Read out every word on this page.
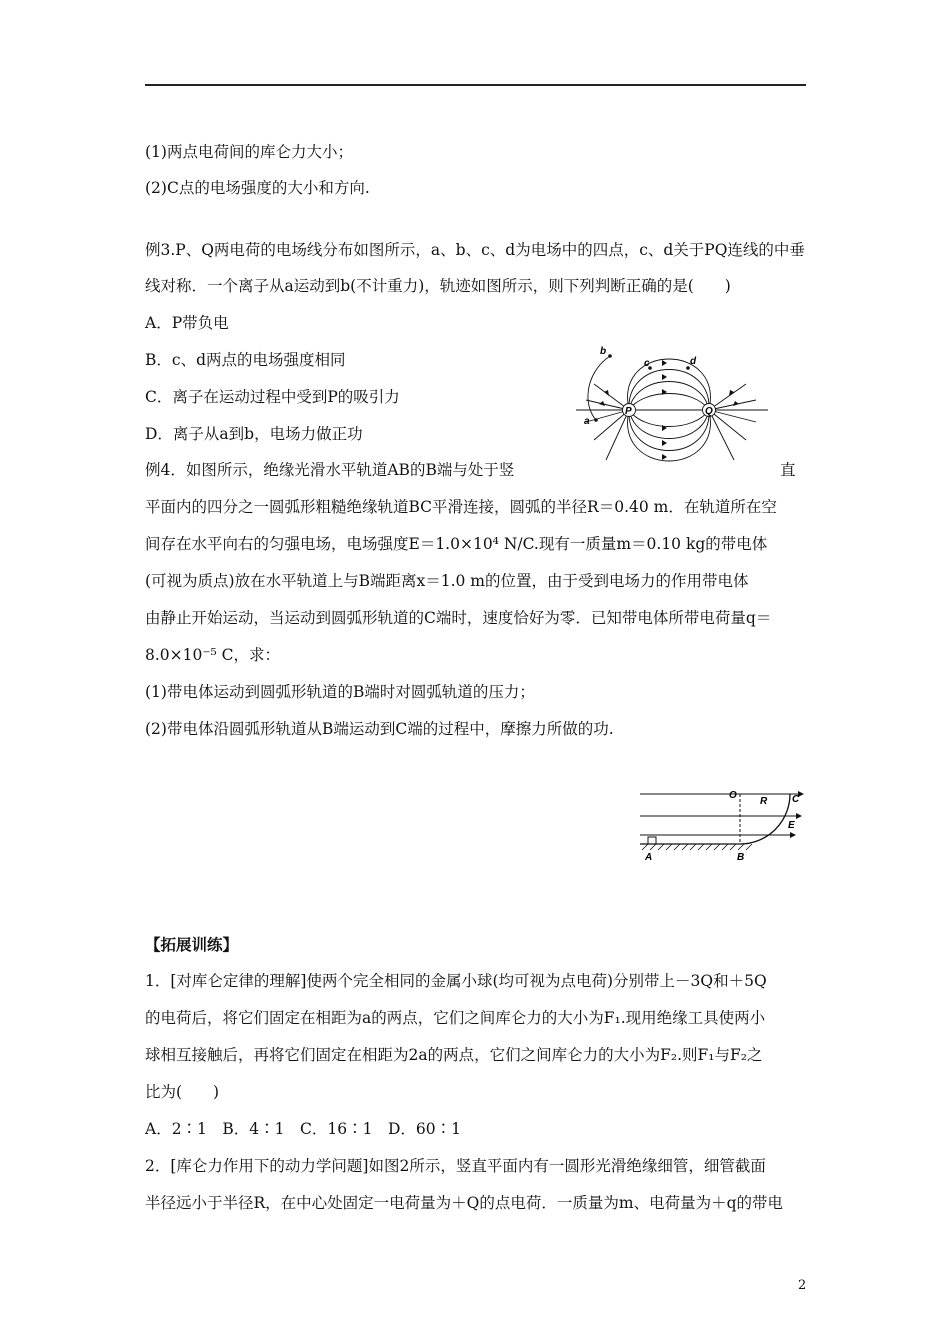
(1)两点电荷间的库仑力大小；
(2)C点的电场强度的大小和方向.
例3.P、Q两电荷的电场线分布如图所示，a、b、c、d为电场中的四点，c、d关于PQ连线的中垂
线对称．一个离子从a运动到b(不计重力)，轨迹如图所示，则下列判断正确的是(　　)
A．P带负电
B．c、d两点的电场强度相同
C．离子在运动过程中受到P的吸引力
D．离子从a到b，电场力做正功
例4．如图所示，绝缘光滑水平轨道AB的B端与处于竖	直
平面内的四分之一圆弧形粗糙绝缘轨道BC平滑连接，圆弧的半径R＝0.40 m．在轨道所在空
间存在水平向右的匀强电场，电场强度E＝1.0×10⁴ N/C.现有一质量m＝0.10 kg的带电体
(可视为质点)放在水平轨道上与B端距离x＝1.0 m的位置，由于受到电场力的作用带电体
由静止开始运动，当运动到圆弧形轨道的C端时，速度恰好为零．已知带电体所带电荷量q＝
8.0×10⁻⁵ C，求：
(1)带电体运动到圆弧形轨道的B端时对圆弧轨道的压力；
(2)带电体沿圆弧形轨道从B端运动到C端的过程中，摩擦力所做的功.
P	Q
a
b
c	d
O
R C
E
A	B
【拓展训练】
1．[对库仑定律的理解]使两个完全相同的金属小球(均可视为点电荷)分别带上－3Q和＋5Q
的电荷后，将它们固定在相距为a的两点，它们之间库仑力的大小为F₁.现用绝缘工具使两小
球相互接触后，再将它们固定在相距为2a的两点，它们之间库仑力的大小为F₂.则F₁与F₂之
比为(　　)
A．2∶1　B．4∶1　C．16∶1　D．60∶1
2．[库仑力作用下的动力学问题]如图2所示，竖直平面内有一圆形光滑绝缘细管，细管截面
半径远小于半径R，在中心处固定一电荷量为＋Q的点电荷．一质量为m、电荷量为＋q的带电
2
